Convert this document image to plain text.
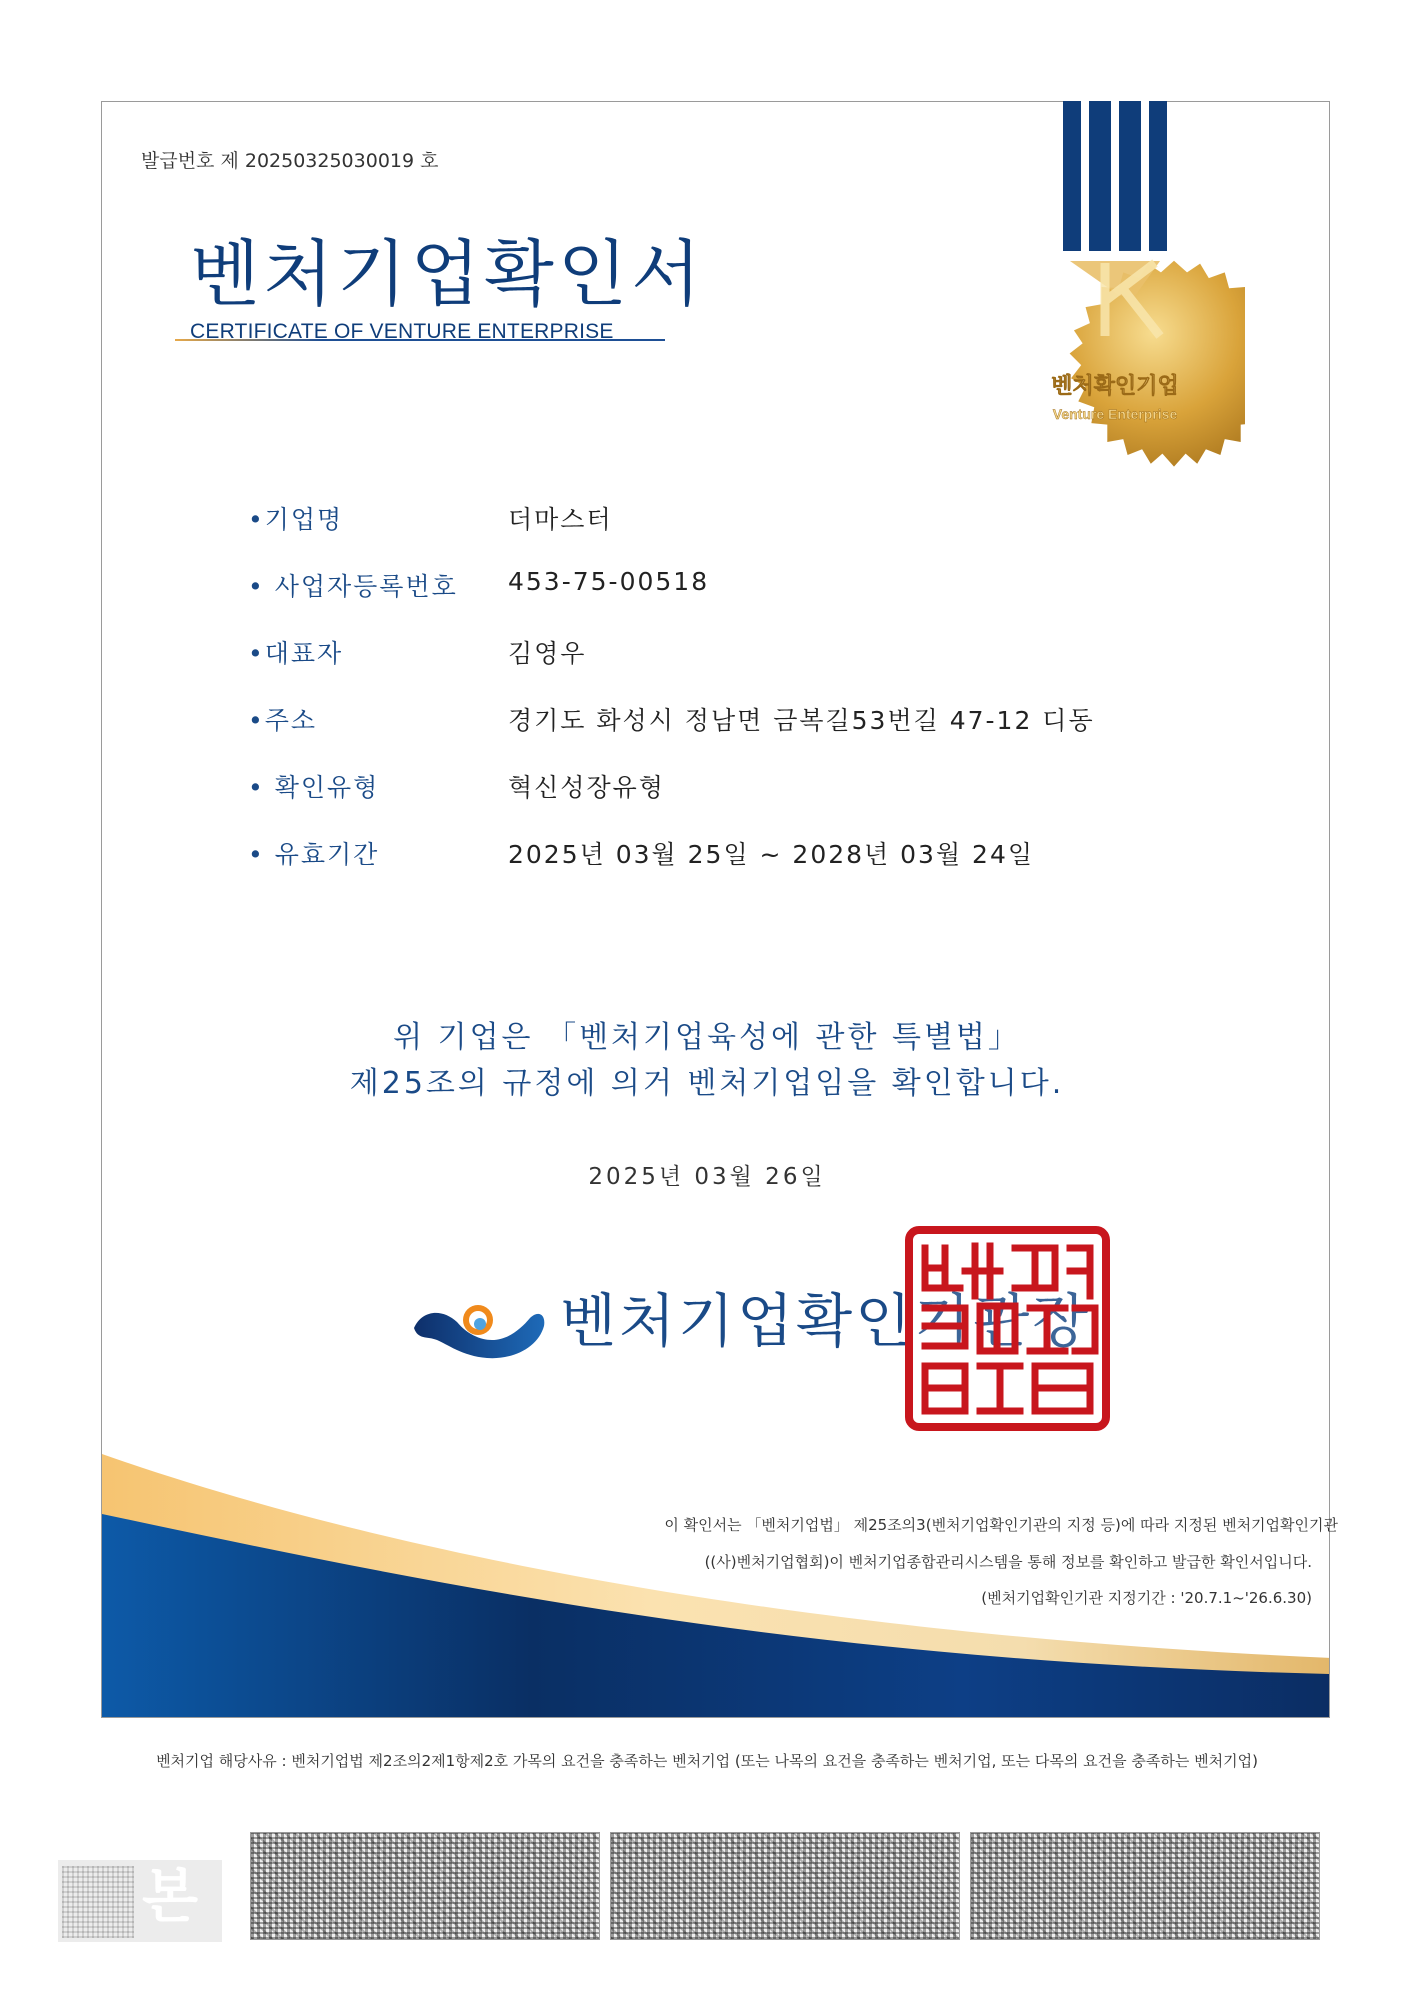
발급번호 제 20250325030019 호
벤처기업확인서
CERTIFICATE OF VENTURE ENTERPRISE
벤처확인기업
Venture Enterprise
•기업명	더마스터
• 사업자등록번호 453-75-00518
•대표자	김영우
•주소	경기도 화성시 정남면 금복길53번길 47-12 디동
• 확인유형	혁신성장유형
• 유효기간	2025년 03월 25일 ~ 2028년 03월 24일
위 기업은 「벤처기업육성에 관한 특별법」
제25조의 규정에 의거 벤처기업임을 확인합니다.
2025년 03월 26일
벤처기업확인기관장
이 확인서는 「벤처기업법」 제25조의3(벤처기업확인기관의 지정 등)에 따라 지정된 벤처기업확인기관
((사)벤처기업협회)이 벤처기업종합관리시스템을 통해 정보를 확인하고 발급한 확인서입니다.
(벤처기업확인기관 지정기간 : '20.7.1~'26.6.30)
벤처기업 해당사유 : 벤처기업법 제2조의2제1항제2호 가목의 요건을 충족하는 벤처기업 (또는 나목의 요건을 충족하는 벤처기업, 또는 다목의 요건을 충족하는 벤처기업)
본
